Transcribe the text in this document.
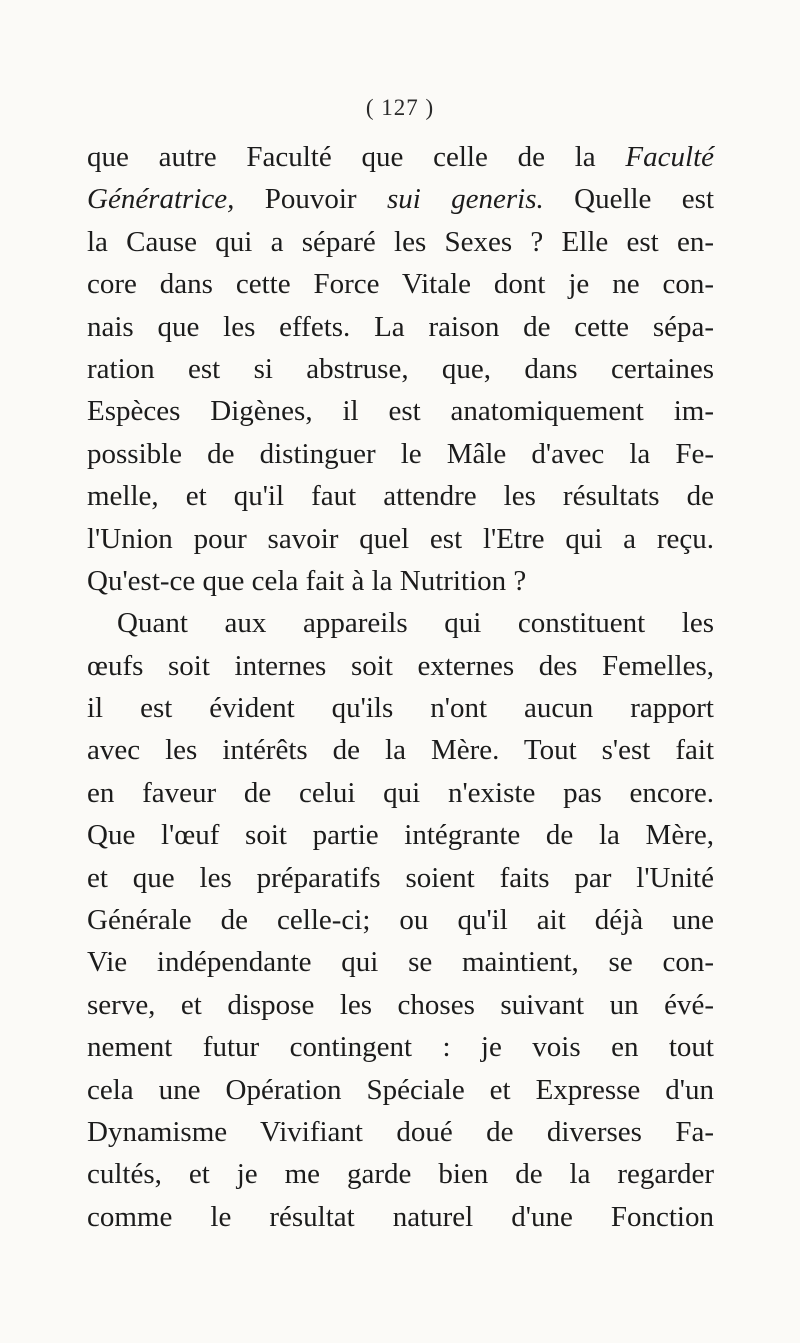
( 127 )
que autre Faculté que celle de la Faculté
Génératrice, Pouvoir sui generis. Quelle est
la Cause qui a séparé les Sexes ? Elle est en-
core dans cette Force Vitale dont je ne con-
nais que les effets. La raison de cette sépa-
ration est si abstruse, que, dans certaines
Espèces Digènes, il est anatomiquement im-
possible de distinguer le Mâle d'avec la Fe-
melle, et qu'il faut attendre les résultats de
l'Union pour savoir quel est l'Etre qui a reçu.
Qu'est-ce que cela fait à la Nutrition ?
Quant aux appareils qui constituent les
œufs soit internes soit externes des Femelles,
il est évident qu'ils n'ont aucun rapport
avec les intérêts de la Mère. Tout s'est fait
en faveur de celui qui n'existe pas encore.
Que l'œuf soit partie intégrante de la Mère,
et que les préparatifs soient faits par l'Unité
Générale de celle-ci; ou qu'il ait déjà une
Vie indépendante qui se maintient, se con-
serve, et dispose les choses suivant un évé-
nement futur contingent : je vois en tout
cela une Opération Spéciale et Expresse d'un
Dynamisme Vivifiant doué de diverses Fa-
cultés, et je me garde bien de la regarder
comme le résultat naturel d'une Fonction
